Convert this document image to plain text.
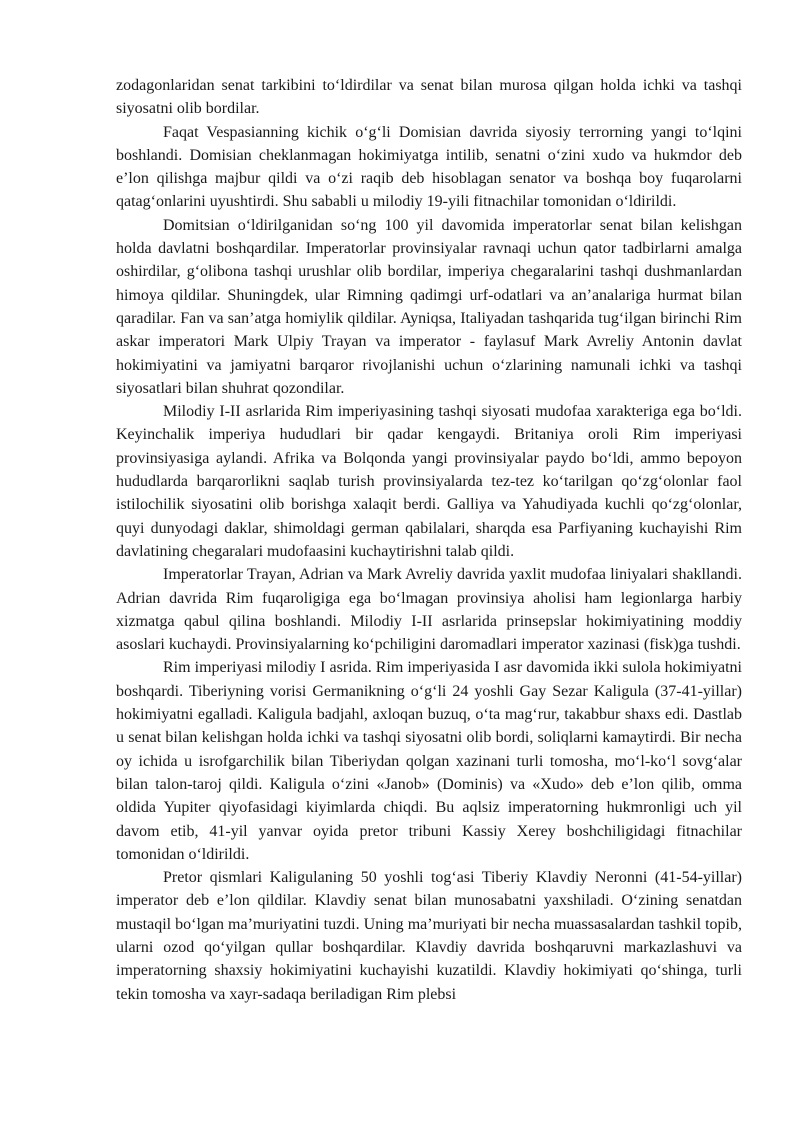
zodagonlaridan senat tarkibini to‘ldirdilar va senat bilan murosa qilgan holda ichki va tashqi siyosatni olib bordilar.

Faqat Vespasianning kichik o‘g‘li Domisian davrida siyosiy terrorning yangi to‘lqini boshlandi. Domisian cheklanmagan hokimiyatga intilib, senatni o‘zini xudo va hukmdor deb e’lon qilishga majbur qildi va o‘zi raqib deb hisoblagan senator va boshqa boy fuqarolarni qatag‘onlarini uyushtirdi. Shu sababli u milodiy 19-yili fitnachilar tomonidan o‘ldirildi.

Domitsian o‘ldirilganidan so‘ng 100 yil davomida imperatorlar senat bilan kelishgan holda davlatni boshqardilar. Imperatorlar provinsiyalar ravnaqi uchun qator tadbirlarni amalga oshirdilar, g‘olibona tashqi urushlar olib bordilar, imperiya chegaralarini tashqi dushmanlardan himoya qildilar. Shuningdek, ular Rimning qadimgi urf-odatlari va an’analariga hurmat bilan qaradilar. Fan va san’atga homiylik qildilar. Ayniqsa, Italiyadan tashqarida tug‘ilgan birinchi Rim askar imperatori Mark Ulpiy Trayan va imperator - faylasuf Mark Avreliy Antonin davlat hokimiyatini va jamiyatni barqaror rivojlanishi uchun o‘zlarining namunali ichki va tashqi siyosatlari bilan shuhrat qozondilar.

Milodiy I-II asrlarida Rim imperiyasining tashqi siyosati mudofaa xarakteriga ega bo‘ldi. Keyinchalik imperiya hududlari bir qadar kengaydi. Britaniya oroli Rim imperiyasi provinsiyasiga aylandi. Afrika va Bolqonda yangi provinsiyalar paydo bo‘ldi, ammo bepoyon hududlarda barqarorlikni saqlab turish provinsiyalarda tez-tez ko‘tarilgan qo‘zg‘olonlar faol istilochilik siyosatini olib borishga xalaqit berdi. Galliya va Yahudiyada kuchli qo‘zg‘olonlar, quyi dunyodagi daklar, shimoldagi german qabilalari, sharqda esa Parfiyaning kuchayishi Rim davlatining chegaralari mudofaasini kuchaytirishni talab qildi.

Imperatorlar Trayan, Adrian va Mark Avreliy davrida yaxlit mudofaa liniyalari shakllandi. Adrian davrida Rim fuqaroligiga ega bo‘lmagan provinsiya aholisi ham legionlarga harbiy xizmatga qabul qilina boshlandi. Milodiy I-II asrlarida prinsepslar hokimiyatining moddiy asoslari kuchaydi. Provinsiyalarning ko‘pchiligini daromadlari imperator xazinasi (fisk)ga tushdi.

Rim imperiyasi milodiy I asrida. Rim imperiyasida I asr davomida ikki sulola hokimiyatni boshqardi. Tiberiyning vorisi Germanikning o‘g‘li 24 yoshli Gay Sezar Kaligula (37-41-yillar) hokimiyatni egalladi. Kaligula badjahl, axloqan buzuq, o‘ta mag‘rur, takabbur shaxs edi. Dastlab u senat bilan kelishgan holda ichki va tashqi siyosatni olib bordi, soliqlarni kamaytirdi. Bir necha oy ichida u isrofgarchilik bilan Tiberiydan qolgan xazinani turli tomosha, mo‘l-ko‘l sovg‘alar bilan talon-taroj qildi. Kaligula o‘zini «Janob» (Dominis) va «Xudo» deb e’lon qilib, omma oldida Yupiter qiyofasidagi kiyimlarda chiqdi. Bu aqlsiz imperatorning hukmronligi uch yil davom etib, 41-yil yanvar oyida pretor tribuni Kassiy Xerey boshchiligidagi fitnachilar tomonidan o‘ldirildi.

Pretor qismlari Kaligulaning 50 yoshli tog‘asi Tiberiy Klavdiy Neronni (41-54-yillar) imperator deb e’lon qildilar. Klavdiy senat bilan munosabatni yaxshiladi. O‘zining senatdan mustaqil bo‘lgan ma’muriyatini tuzdi. Uning ma’muriyati bir necha muassasalardan tashkil topib, ularni ozod qo‘yilgan qullar boshqardilar. Klavdiy davrida boshqaruvni markazlashuvi va imperatorning shaxsiy hokimiyatini kuchayishi kuzatildi. Klavdiy hokimiyati qo‘shinga, turli tekin tomosha va xayr-sadaqa beriladigan Rim plebsi
